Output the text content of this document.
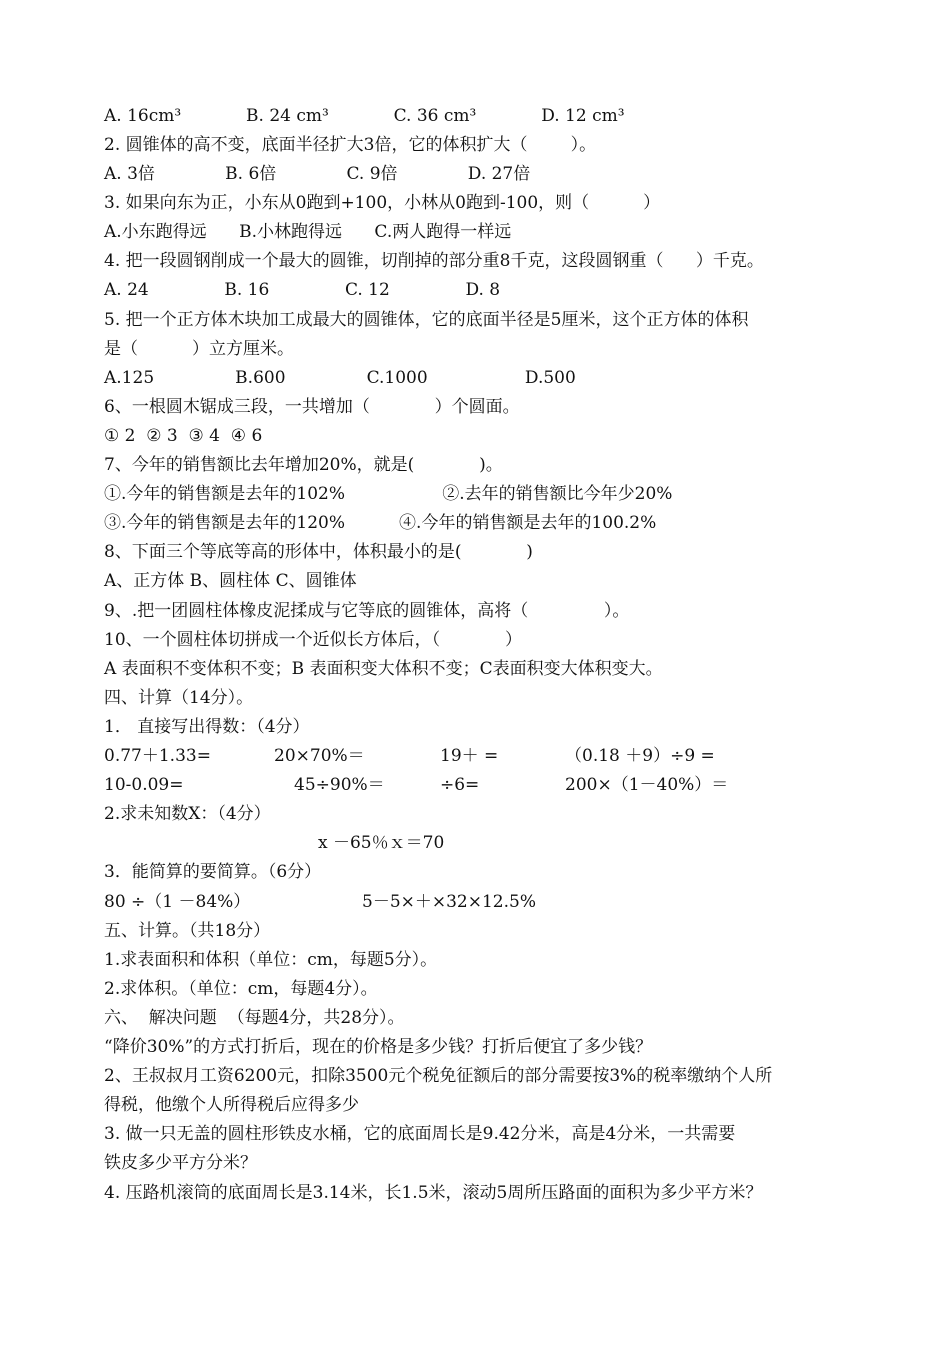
A. 16cm³            B. 24 cm³            C. 36 cm³            D. 12 cm³
2. 圆锥体的高不变，底面半径扩大3倍，它的体积扩大（        ）。
A. 3倍             B. 6倍             C. 9倍             D. 27倍
3. 如果向东为正，小东从0跑到+100，小林从0跑到-100，则（          ）
A.小东跑得远      B.小林跑得远      C.两人跑得一样远
4. 把一段圆钢削成一个最大的圆锥，切削掉的部分重8千克，这段圆钢重（      ）千克。
A. 24              B. 16              C. 12              D. 8
5. 把一个正方体木块加工成最大的圆锥体，它的底面半径是5厘米，这个正方体的体积
是（          ）立方厘米。
A.125               B.600               C.1000                  D.500
6、一根圆木锯成三段，一共增加（            ）个圆面。
① 2  ② 3  ③ 4  ④ 6
7、今年的销售额比去年增加20%，就是(            )。
①.今年的销售额是去年的102%                  ②.去年的销售额比今年少20%
③.今年的销售额是去年的120%          ④.今年的销售额是去年的100.2%
8、下面三个等底等高的形体中，体积最小的是(            )
A、正方体 B、圆柱体 C、圆锥体
9、.把一团圆柱体橡皮泥揉成与它等底的圆锥体，高将（              ）。
10、一个圆柱体切拼成一个近似长方体后，（            ）
A 表面积不变体积不变；B 表面积变大体积不变；C表面积变大体积变大。
四、计算（14分）。
1． 直接写出得数：（4分）
0.77＋1.33=	20×70%＝	19＋ =	（0.18 ＋9）÷9 =
10-0.09=	45÷90%＝	÷6=	200×（1－40%）＝
2.求未知数X：（4分）
x －65％ｘ＝70
3．能简算的要简算。（6分）
80 ÷（1 －84%）	5－5×＋×32×12.5%
五、计算。（共18分）
1.求表面积和体积（单位：cm，每题5分）。
2.求体积。（单位：cm，每题4分）。
六、  解决问题  （每题4分，共28分）。
“降价30%”的方式打折后，现在的价格是多少钱？打折后便宜了多少钱？
2、王叔叔月工资6200元，扣除3500元个税免征额后的部分需要按3%的税率缴纳个人所
得税，他缴个人所得税后应得多少
3. 做一只无盖的圆柱形铁皮水桶，它的底面周长是9.42分米，高是4分米，一共需要
铁皮多少平方分米？
4. 压路机滚筒的底面周长是3.14米，长1.5米，滚动5周所压路面的面积为多少平方米？
